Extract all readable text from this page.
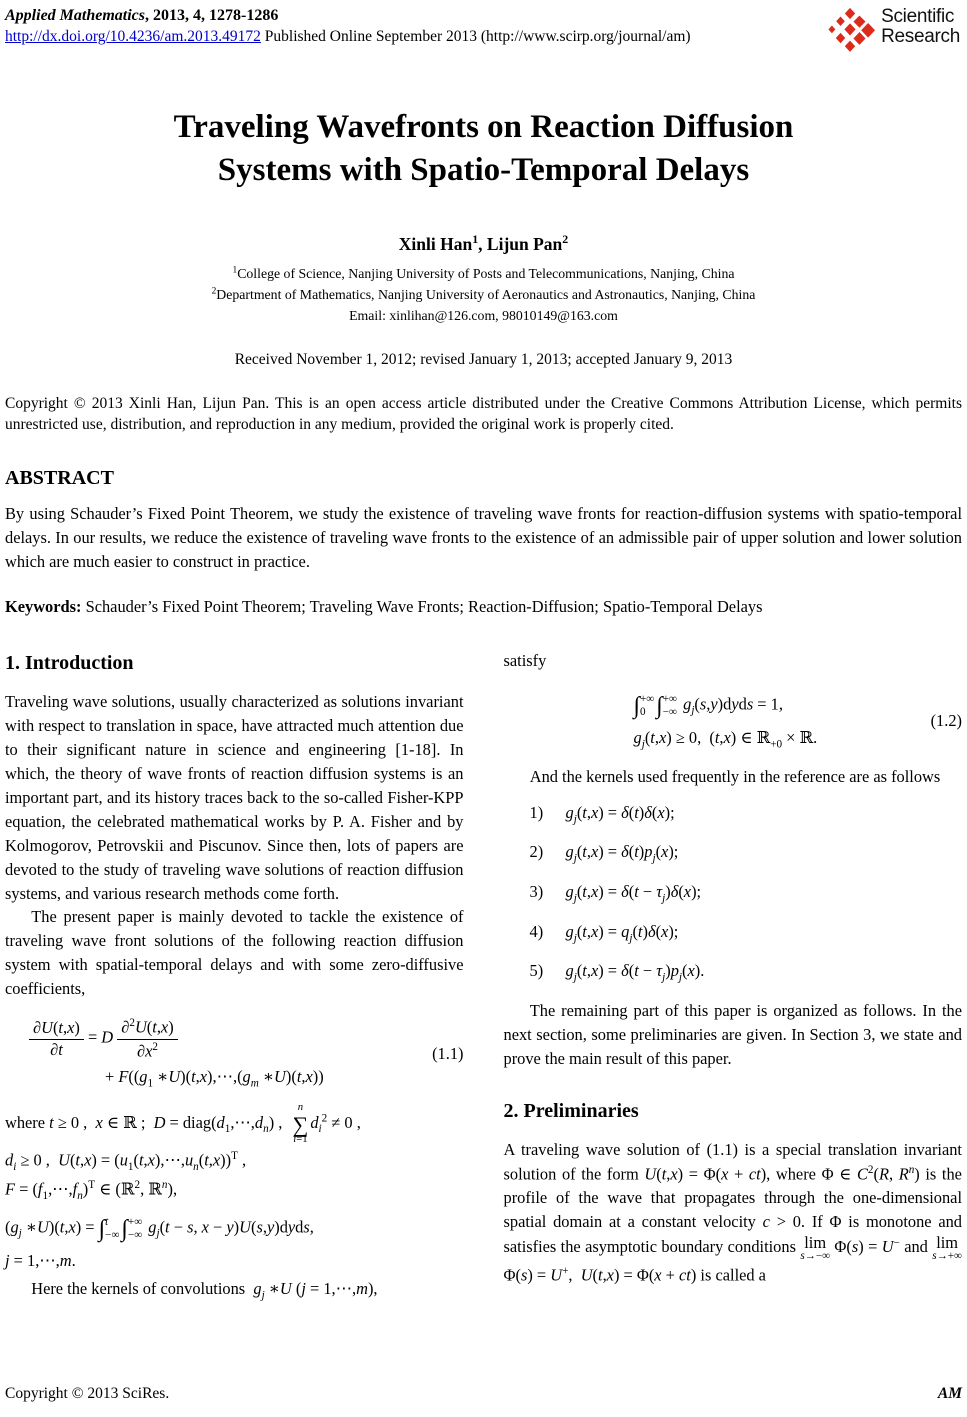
Applied Mathematics, 2013, 4, 1278-1286
http://dx.doi.org/10.4236/am.2013.49172 Published Online September 2013 (http://www.scirp.org/journal/am)
Scientific
Research
Traveling Wavefronts on Reaction Diffusion Systems with Spatio-Temporal Delays
Xinli Han$^1$, Lijun Pan$^2$
$^1$College of Science, Nanjing University of Posts and Telecommunications, Nanjing, China
$^2$Department of Mathematics, Nanjing University of Aeronautics and Astronautics, Nanjing, China
Email: xinlihan@126.com, 98010149@163.com
Received November 1, 2012; revised January 1, 2013; accepted January 9, 2013
Copyright © 2013 Xinli Han, Lijun Pan. This is an open access article distributed under the Creative Commons Attribution License, which permits unrestricted use, distribution, and reproduction in any medium, provided the original work is properly cited.
ABSTRACT
By using Schauder’s Fixed Point Theorem, we study the existence of traveling wave fronts for reaction-diffusion systems with spatio-temporal delays. In our results, we reduce the existence of traveling wave fronts to the existence of an admissible pair of upper solution and lower solution which are much easier to construct in practice.
Keywords: Schauder’s Fixed Point Theorem; Traveling Wave Fronts; Reaction-Diffusion; Spatio-Temporal Delays
1. Introduction

Traveling wave solutions, usually characterized as solutions invariant with respect to translation in space, have attracted much attention due to their significant nature in science and engineering [1-18]. In which, the theory of wave fronts of reaction diffusion systems is an important part, and its history traces back to the so-called Fisher-KPP equation, the celebrated mathematical works by P. A. Fisher and by Kolmogorov, Petrovskii and Piscunov. Since then, lots of papers are devoted to the study of traveling wave solutions of reaction diffusion systems, and various research methods come forth.

The present paper is mainly devoted to tackle the existence of traveling wave front solutions of the following reaction diffusion system with spatial-temporal delays and with some zero-diffusive coefficients,

$\frac{\partial U(t,x)}{\partial t} = D \frac{\partial^2U(t,x)}{\partial x^2}$
+ $F((g_1$ $∗U)(t,x),\cdots,(g_m$ ∗U)(t,x))
(1.1)
where t ≥ 0 ,  x ∈ ℝ ;  $D = diag(d_1,\cdots,d_n)$ ,
n
∑
i=1
$d_i^2 \ne 0$ ,
$d_i \ge 0$ ,  $U(t,x) = (u_1(t,x),\cdots,u_n(t,x))^T$ ,
$F = (f_1,\cdots,f_n)^T$ ∈ (ℝ$^2$, ℝ$^n$),
($g_j$ ∗U)(t,x) = ∫ t
−∞ ∫ +∞
−∞ $g_j(t - s$, x − y)U(s,y)dyds,
j = 1,⋯,m.

Here the kernels of convolutions  $g_j$ ∗U (j = 1,⋯,m),

satisfy

∫ +∞
0 ∫ +∞
−∞ $g_j(s,y)dyds = 1$,
$g_j(t,x) \ge 0$,  (t,x) ∈ ℝ$_{+0}$ × ℝ.
(1.2)

And the kernels used frequently in the reference are as follows

1) $g_j(t,x) = \delta(t)\delta(x)$;
2) $g_j(t,x) = \delta(t)p_j(x)$;
3) $g_j(t,x) = \delta(t - \tau_j)\delta(x)$;
4) $g_j(t,x) = q_j(t)\delta(x)$;
5) $g_j(t,x) = \delta(t - \tau_j)p_j(x)$.

The remaining part of this paper is organized as follows. In the next section, some preliminaries are given. In Section 3, we state and prove the main result of this paper.

2. Preliminaries

A traveling wave solution of (1.1) is a special translation invariant solution of the form U(t,x) = Φ(x + ct), where Φ ∈ $C^2(R$, $R^n$) is the profile of the wave that propagates through the one-dimensional spatial domain at a constant velocity c > 0. If Φ is monotone and satisfies the asymptotic boundary conditions lim
s→−∞ Φ(s) = U− and lim
s→+∞
Φ(s) = U+,  U(t,x) = Φ(x + ct) is called a

Copyright © 2013 SciRes.	AM
